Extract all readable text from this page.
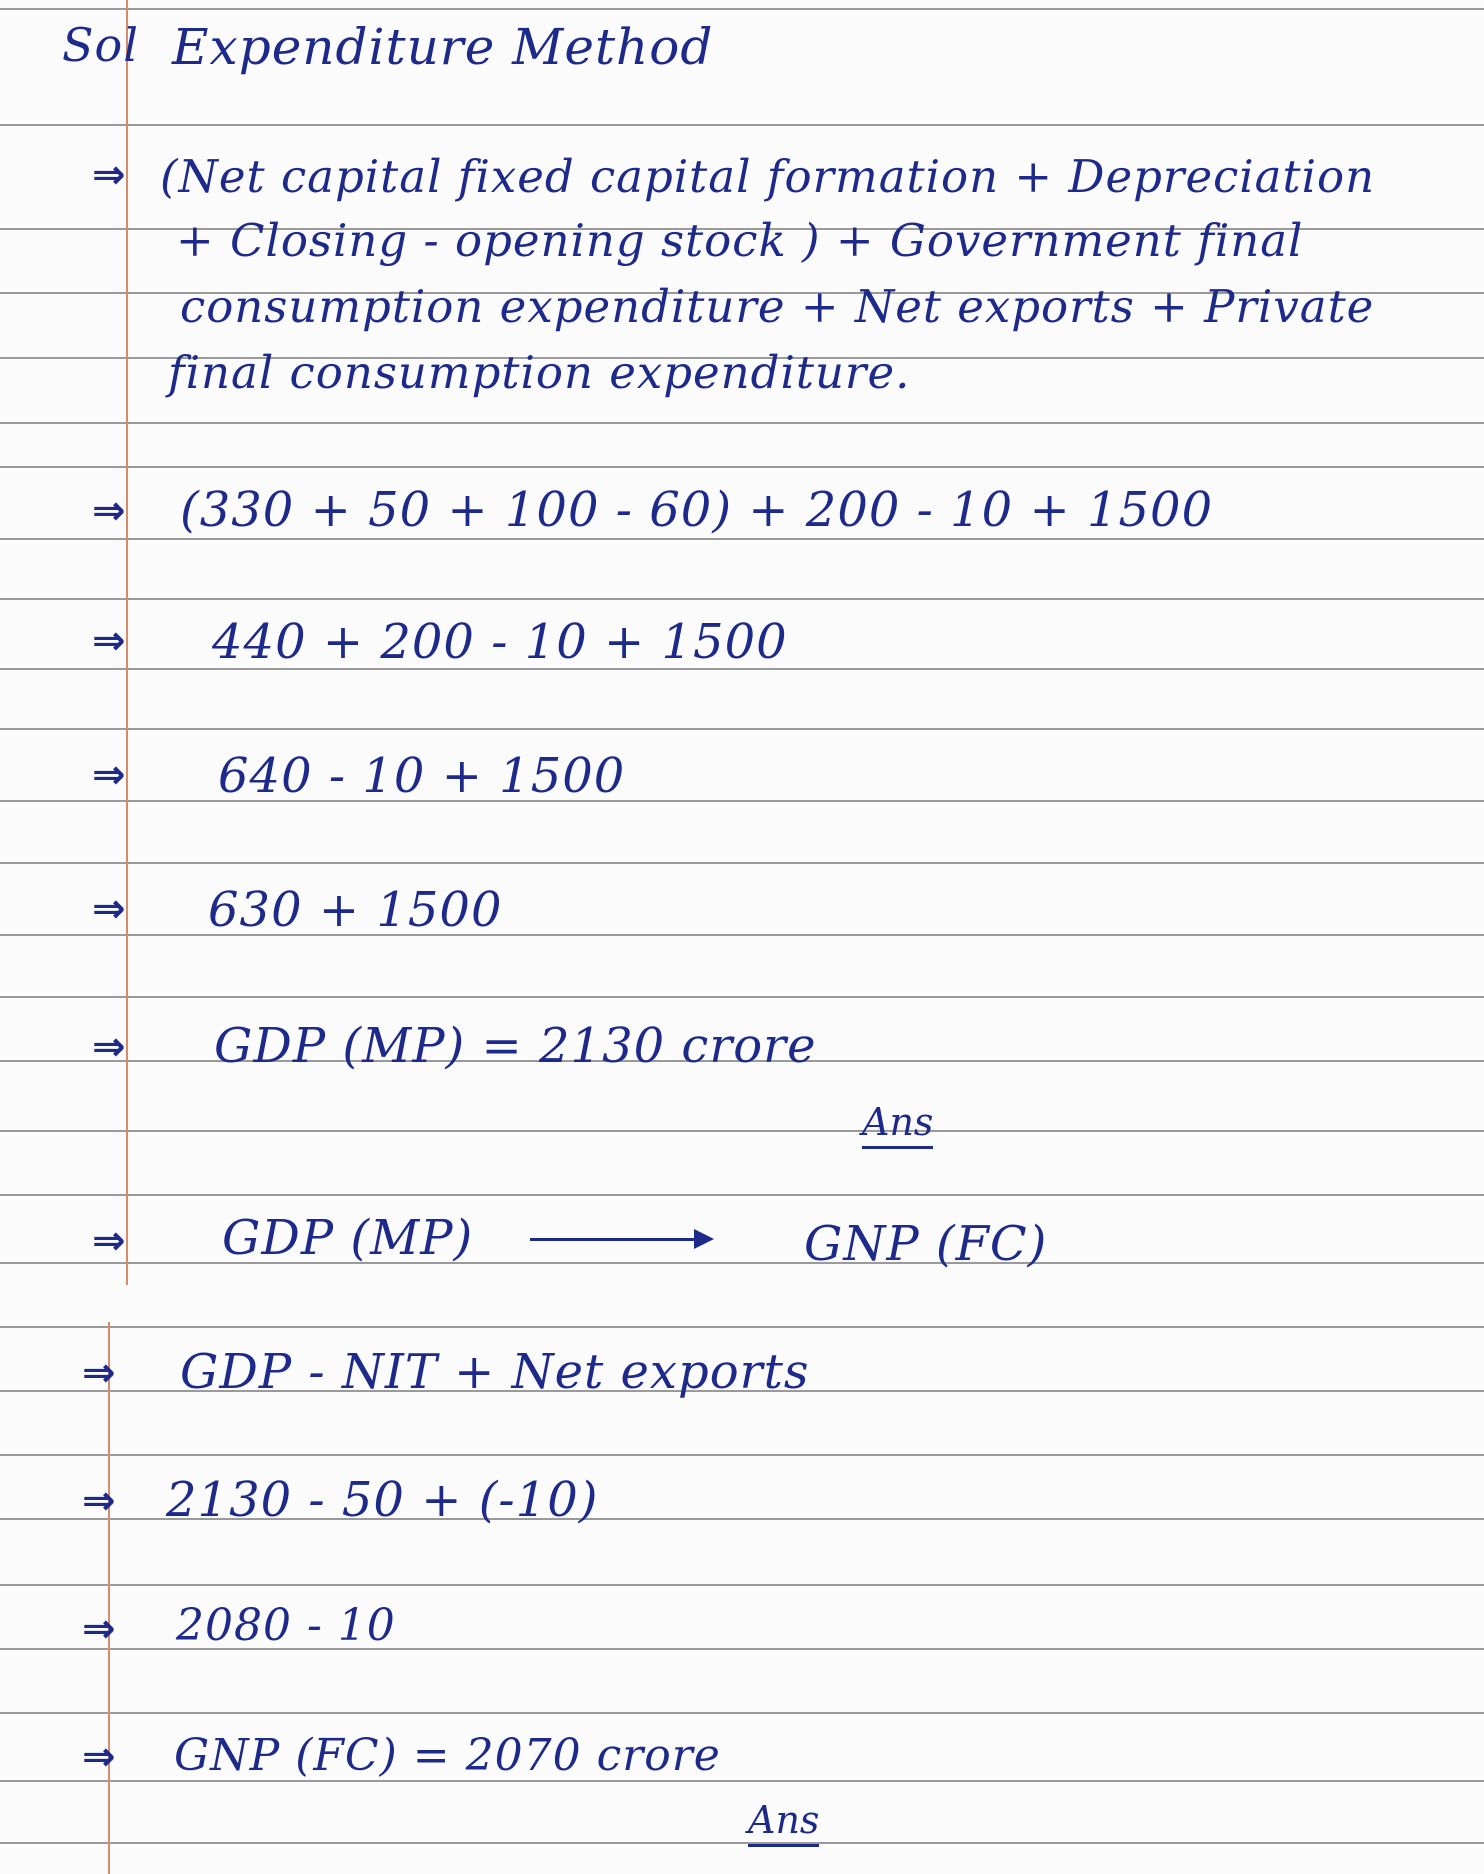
Sol Expenditure Method
⇒ (Net capital fixed capital formation + Depreciation
+ Closing - opening stock ) + Government final
consumption expenditure + Net exports + Private
final consumption expenditure.
⇒ (330 + 50 + 100 - 60) + 200 - 10 + 1500
⇒ 440 + 200 - 10 + 1500
⇒ 640 - 10 + 1500
⇒ 630 + 1500
⇒ GDP (MP) = 2130 crore
Ans
⇒ GDP (MP)	GNP (FC)
⇒ GDP - NIT + Net exports
⇒ 2130 - 50 + (-10)
⇒ 2080 - 10
⇒ GNP (FC) = 2070 crore
Ans
